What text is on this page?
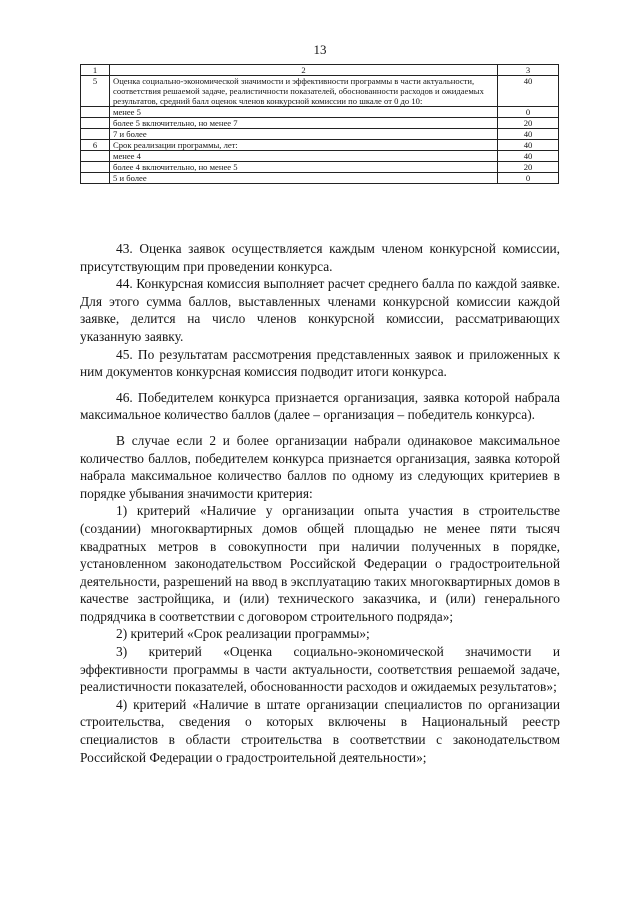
13
1	2	3
5	Оценка социально-экономической значимости и эффективности программы в части актуальности, соответствия решаемой задаче, реалистичности показателей, обоснованности расходов и ожидаемых результатов, средний балл оценок членов конкурсной комиссии по шкале от 0 до 10:	40
	менее 5	0
	более 5 включительно, но менее 7	20
	7 и более	40
6	Срок реализации программы, лет:	40
	менее 4	40
	более 4 включительно, но менее 5	20
	5 и более	0

43. Оценка заявок осуществляется каждым членом конкурсной комиссии, присутствующим при проведении конкурса.

44. Конкурсная комиссия выполняет расчет среднего балла по каждой заявке. Для этого сумма баллов, выставленных членами конкурсной комиссии каждой заявке, делится на число членов конкурсной комиссии, рассматривающих указанную заявку.

45. По результатам рассмотрения представленных заявок и приложенных к ним документов конкурсная комиссия подводит итоги конкурса.

46. Победителем конкурса признается организация, заявка которой набрала максимальное количество баллов (далее – организация – победитель конкурса).

В случае если 2 и более организации набрали одинаковое максимальное количество баллов, победителем конкурса признается организация, заявка которой набрала максимальное количество баллов по одному из следующих критериев в порядке убывания значимости критерия:

1) критерий «Наличие у организации опыта участия в строительстве (создании) многоквартирных домов общей площадью не менее пяти тысяч квадратных метров в совокупности при наличии полученных в порядке, установленном законодательством Российской Федерации о градостроительной деятельности, разрешений на ввод в эксплуатацию таких многоквартирных домов в качестве застройщика, и (или) технического заказчика, и (или) генерального подрядчика в соответствии с договором строительного подряда»;

2) критерий «Срок реализации программы»;

3) критерий «Оценка социально-экономической значимости и эффективности программы в части актуальности, соответствия решаемой задаче, реалистичности показателей, обоснованности расходов и ожидаемых результатов»;

4) критерий «Наличие в штате организации специалистов по организации строительства, сведения о которых включены в Национальный реестр специалистов в области строительства в соответствии с законодательством Российской Федерации о градостроительной деятельности»;
